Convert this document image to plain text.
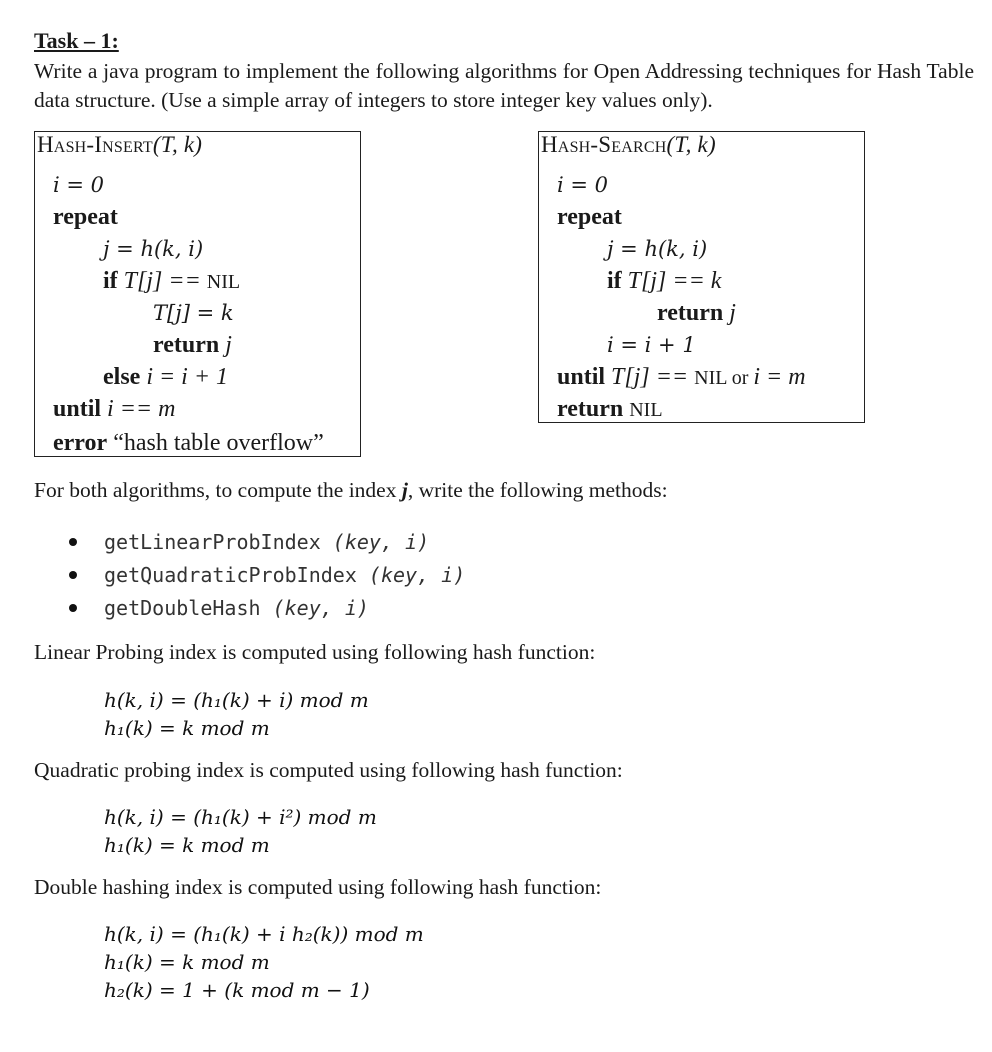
Task – 1:
Write a java program to implement the following algorithms for Open Addressing techniques for Hash Table data structure. (Use a simple array of integers to store integer key values only).
Hash-Insert(T, k)
i = 0
repeat
j = h(k, i)
if T[j] == NIL
T[j] = k
return j
else i = i + 1
until i == m
error “hash table overflow”
Hash-Search(T, k)
i = 0
repeat
j = h(k, i)
if T[j] == k
return j
i = i + 1
until T[j] == NIL or i = m
return NIL
For both algorithms, to compute the index j, write the following methods:
getLinearProbIndex (key, i)
getQuadraticProbIndex (key, i)
getDoubleHash (key, i)
Linear Probing index is computed using following hash function:
h(k, i) = (h₁(k) + i) mod m
h₁(k) = k mod m
Quadratic probing index is computed using following hash function:
h(k, i) = (h₁(k) + i²) mod m
h₁(k) = k mod m
Double hashing index is computed using following hash function:
h(k, i) = (h₁(k) + i h₂(k)) mod m
h₁(k) = k mod m
h₂(k) = 1 + (k mod m − 1)
